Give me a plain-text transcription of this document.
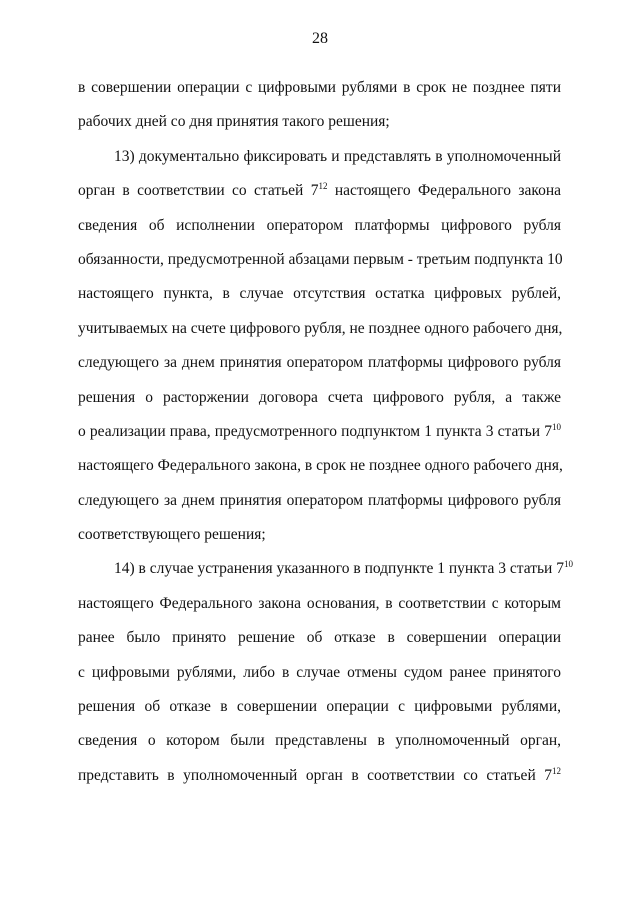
28
в совершении операции с цифровыми рублями в срок не позднее пяти
рабочих дней со дня принятия такого решения;
13) документально фиксировать и представлять в уполномоченный
орган в соответствии со статьей $7^{12}$ настоящего Федерального закона
сведения об исполнении оператором платформы цифрового рубля
обязанности, предусмотренной абзацами первым - третьим подпункта 10
настоящего пункта, в случае отсутствия остатка цифровых рублей,
учитываемых на счете цифрового рубля, не позднее одного рабочего дня,
следующего за днем принятия оператором платформы цифрового рубля
решения о расторжении договора счета цифрового рубля, а также
о реализации права, предусмотренного подпунктом 1 пункта 3 статьи $7^{10}$
настоящего Федерального закона, в срок не позднее одного рабочего дня,
следующего за днем принятия оператором платформы цифрового рубля
соответствующего решения;
14) в случае устранения указанного в подпункте 1 пункта 3 статьи $7^{10}$
настоящего Федерального закона основания, в соответствии с которым
ранее было принято решение об отказе в совершении операции
с цифровыми рублями, либо в случае отмены судом ранее принятого
решения об отказе в совершении операции с цифровыми рублями,
сведения о котором были представлены в уполномоченный орган,
представить в уполномоченный орган в соответствии со статьей $7^{12}$
